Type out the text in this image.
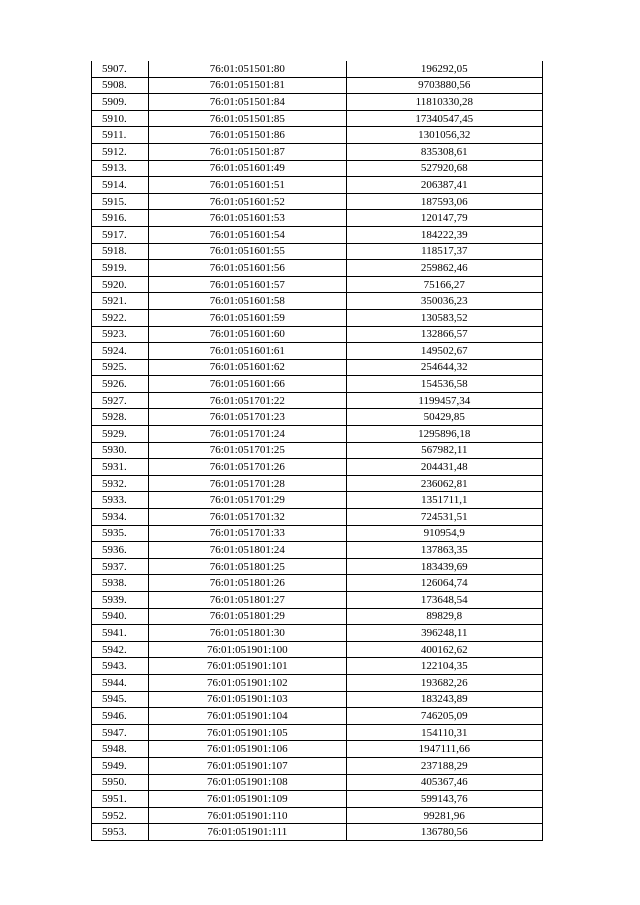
5907.	76:01:051501:80	196292,05
5908.	76:01:051501:81	9703880,56
5909.	76:01:051501:84	11810330,28
5910.	76:01:051501:85	17340547,45
5911.	76:01:051501:86	1301056,32
5912.	76:01:051501:87	835308,61
5913.	76:01:051601:49	527920,68
5914.	76:01:051601:51	206387,41
5915.	76:01:051601:52	187593,06
5916.	76:01:051601:53	120147,79
5917.	76:01:051601:54	184222,39
5918.	76:01:051601:55	118517,37
5919.	76:01:051601:56	259862,46
5920.	76:01:051601:57	75166,27
5921.	76:01:051601:58	350036,23
5922.	76:01:051601:59	130583,52
5923.	76:01:051601:60	132866,57
5924.	76:01:051601:61	149502,67
5925.	76:01:051601:62	254644,32
5926.	76:01:051601:66	154536,58
5927.	76:01:051701:22	1199457,34
5928.	76:01:051701:23	50429,85
5929.	76:01:051701:24	1295896,18
5930.	76:01:051701:25	567982,11
5931.	76:01:051701:26	204431,48
5932.	76:01:051701:28	236062,81
5933.	76:01:051701:29	1351711,1
5934.	76:01:051701:32	724531,51
5935.	76:01:051701:33	910954,9
5936.	76:01:051801:24	137863,35
5937.	76:01:051801:25	183439,69
5938.	76:01:051801:26	126064,74
5939.	76:01:051801:27	173648,54
5940.	76:01:051801:29	89829,8
5941.	76:01:051801:30	396248,11
5942.	76:01:051901:100	400162,62
5943.	76:01:051901:101	122104,35
5944.	76:01:051901:102	193682,26
5945.	76:01:051901:103	183243,89
5946.	76:01:051901:104	746205,09
5947.	76:01:051901:105	154110,31
5948.	76:01:051901:106	1947111,66
5949.	76:01:051901:107	237188,29
5950.	76:01:051901:108	405367,46
5951.	76:01:051901:109	599143,76
5952.	76:01:051901:110	99281,96
5953.	76:01:051901:111	136780,56
